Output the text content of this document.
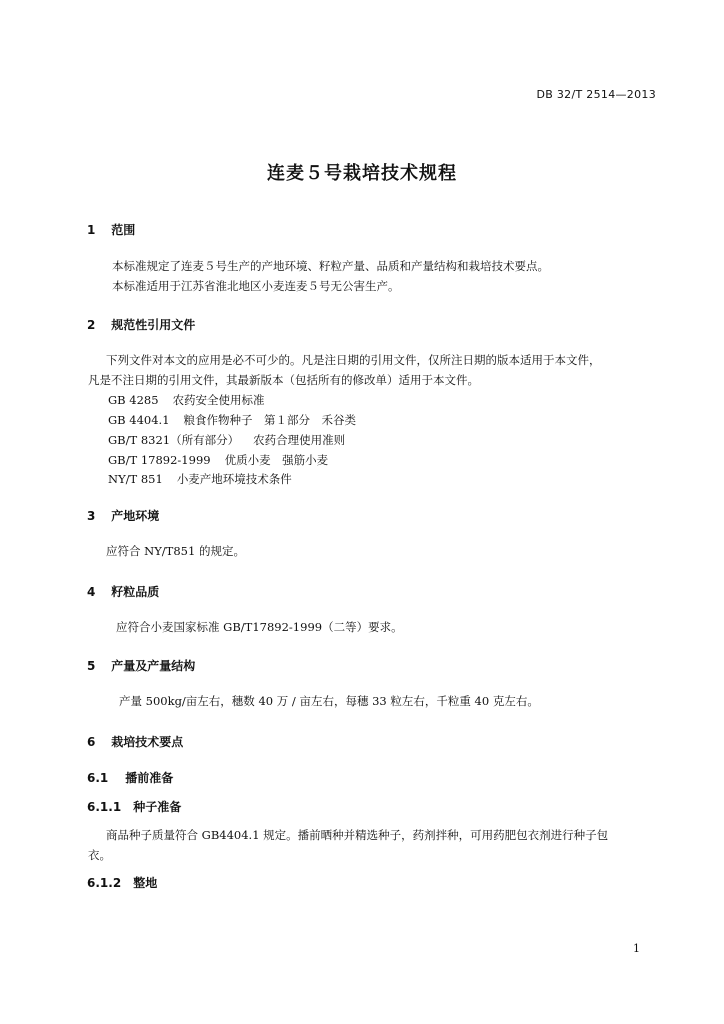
DB 32/T 2514—2013
连麦５号栽培技术规程
1 范围
本标准规定了连麦５号生产的产地环境、籽粒产量、品质和产量结构和栽培技术要点。
本标准适用于江苏省淮北地区小麦连麦５号无公害生产。
2 规范性引用文件
下列文件对本文的应用是必不可少的。凡是注日期的引用文件，仅所注日期的版本适用于本文件，
凡是不注日期的引用文件，其最新版本（包括所有的修改单）适用于本文件。
GB 4285 农药安全使用标准
GB 4404.1 粮食作物种子　第１部分　禾谷类
GB/T 8321（所有部分） 农药合理使用准则
GB/T 17892-1999 优质小麦　强筋小麦
NY/T 851 小麦产地环境技术条件
3 产地环境
应符合 NY/T851 的规定。
4 籽粒品质
应符合小麦国家标准 GB/T17892-1999（二等）要求。
5 产量及产量结构
产量 500kg/亩左右，穗数 40 万 / 亩左右，每穗 33 粒左右，千粒重 40 克左右。
6 栽培技术要点
6.1 播前准备
6.1.1 种子准备
商品种子质量符合 GB4404.1 规定。播前晒种并精选种子，药剂拌种，可用药肥包衣剂进行种子包
衣。
6.1.2 整地
1
